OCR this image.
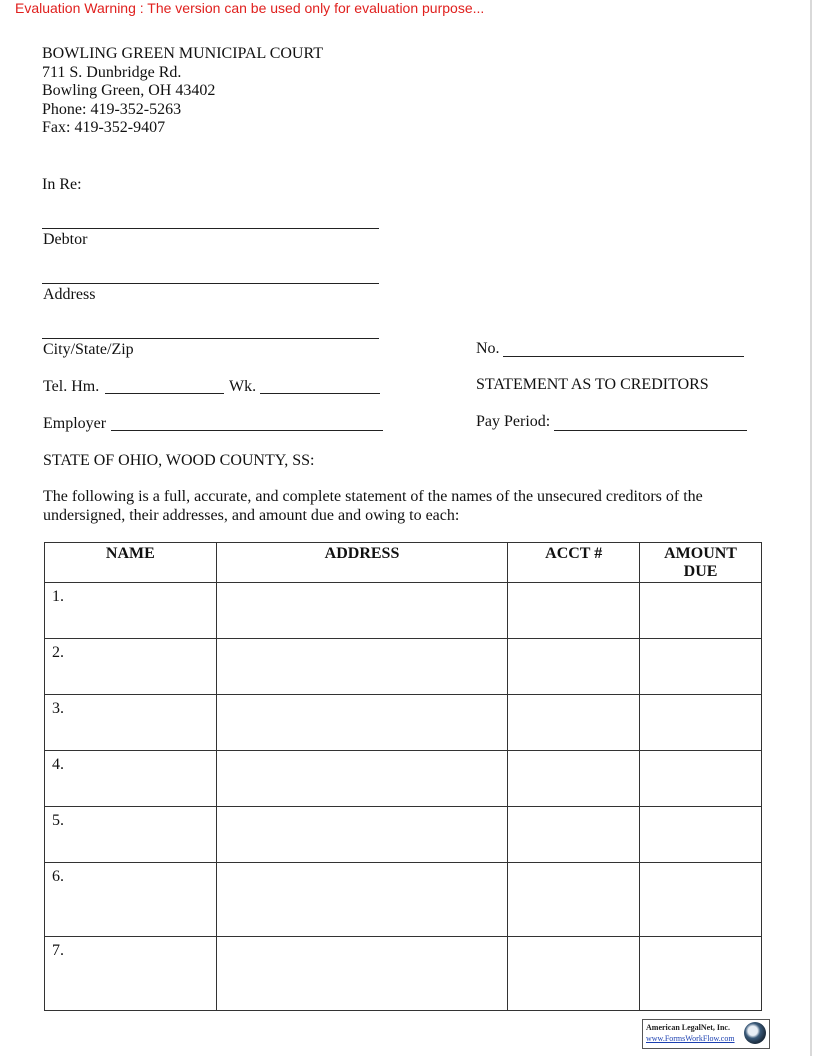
Evaluation Warning : The version can be used only for evaluation purpose...
BOWLING GREEN MUNICIPAL COURT
711 S. Dunbridge Rd.
Bowling Green, OH 43402
Phone: 419-352-5263
Fax: 419-352-9407
In Re:
Debtor
Address
City/State/Zip	No.
Tel. Hm.	Wk.	STATEMENT AS TO CREDITORS
Employer	Pay Period:
STATE OF OHIO, WOOD COUNTY, SS:
The following is a full, accurate, and complete statement of the names of the unsecured creditors of the undersigned, their addresses, and amount due and owing to each:
NAME	ADDRESS	ACCT #	AMOUNT
DUE

1.			
2.			
3.			
4.			
5.			
6.			
7.			
American LegalNet, Inc.
www.FormsWorkFlow.com
